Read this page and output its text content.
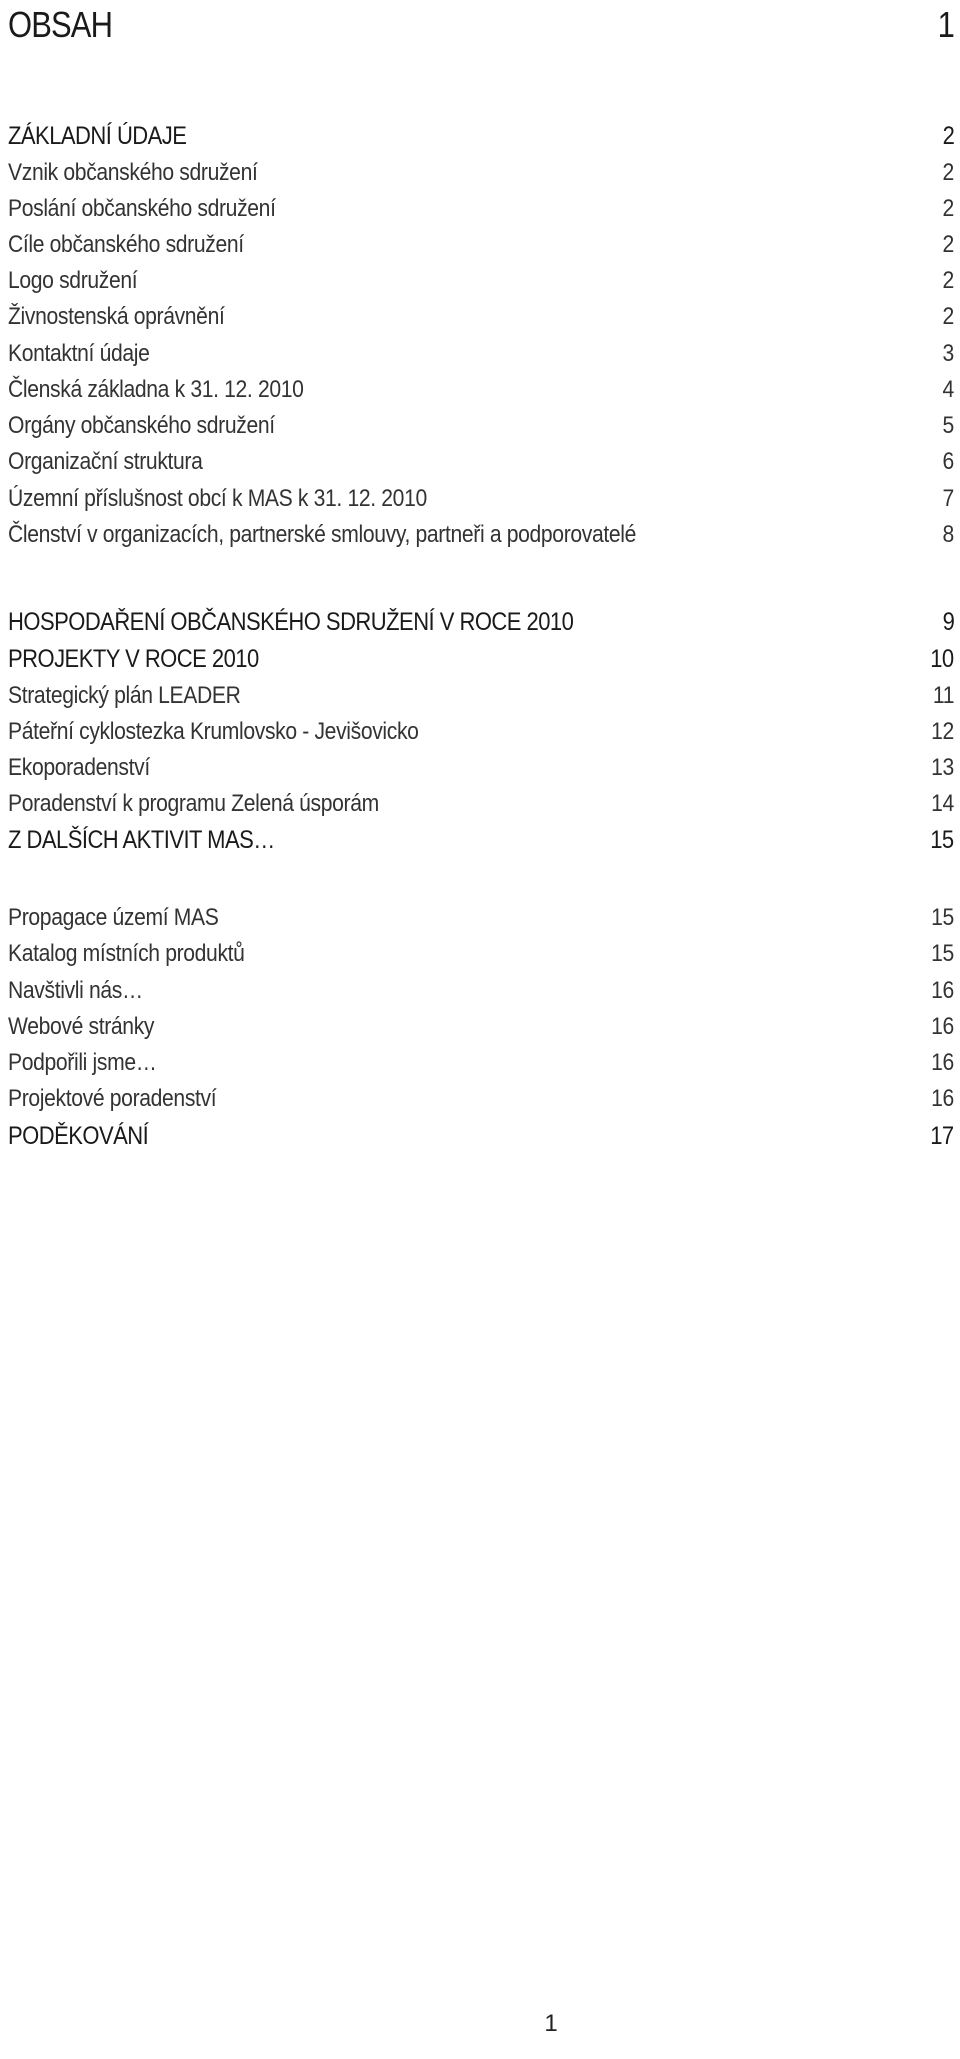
OBSAH	1
ZÁKLADNÍ ÚDAJE	2
Vznik občanského sdružení	2
Poslání občanského sdružení	2
Cíle občanského sdružení	2
Logo sdružení	2
Živnostenská oprávnění	2
Kontaktní údaje	3
Členská základna k 31. 12. 2010	4
Orgány občanského sdružení	5
Organizační struktura	6
Územní příslušnost obcí k MAS k 31. 12. 2010	7
Členství v organizacích, partnerské smlouvy, partneři a podporovatelé	8
HOSPODAŘENÍ OBČANSKÉHO SDRUŽENÍ V ROCE 2010	9
PROJEKTY V ROCE 2010	10
Strategický plán LEADER	11
Páteřní cyklostezka Krumlovsko - Jevišovicko	12
Ekoporadenství	13
Poradenství k programu Zelená úsporám	14
Z DALŠÍCH AKTIVIT MAS…	15
Propagace území MAS	15
Katalog místních produktů	15
Navštivli nás…	16
Webové stránky	16
Podpořili jsme…	16
Projektové poradenství	16
PODĚKOVÁNÍ	17
1
